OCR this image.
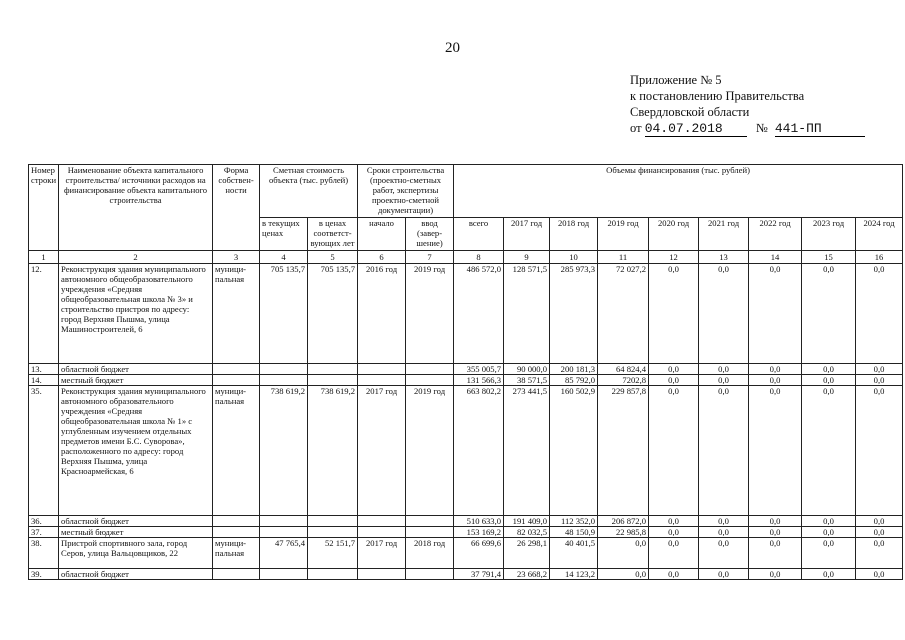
20
Приложение № 5
к постановлению Правительства
Свердловской области
от 04.07.2018	№ 441-ПП
Номер строки	Наименование объекта капитального строительства/ источники расходов на финансирование объекта капитального строительства	Форма собствен- ности	Сметная стоимость объекта (тыс. рублей)		Сроки строительства (проектно-сметных работ, экспертизы проектно-сметной документации)		Объемы финансирования (тыс. рублей)								
			в текущих ценах	в ценах соответст- вующих лет	начало	ввод (завер- шение)	всего	2017 год	2018 год	2019 год	2020 год	2021 год	2022 год	2023 год	2024 год
1	2	3	4	5	6	7	8	9	10	11	12	13	14	15	16
12.	Реконструкция здания муниципального автономного общеобразовательного учреждения «Средняя общеобразовательная школа № 3» и строительство пристроя по адресу: город Верхняя Пышма, улица Машиностроителей, 6	муници- пальная	705 135,7	705 135,7	2016 год	2019 год	486 572,0	128 571,5	285 973,3	72 027,2	0,0	0,0	0,0	0,0	0,0
13.	областной бюджет						355 005,7	90 000,0	200 181,3	64 824,4	0,0	0,0	0,0	0,0	0,0
14.	местный бюджет						131 566,3	38 571,5	85 792,0	7202,8	0,0	0,0	0,0	0,0	0,0
35.	Реконструкция здания муниципального автономного образовательного учреждения «Средняя общеобразовательная школа № 1» с углубленным изучением отдельных предметов имени Б.С. Суворова», расположенного по адресу: город Верхняя Пышма, улица Красноармейская, 6	муници- пальная	738 619,2	738 619,2	2017 год	2019 год	663 802,2	273 441,5	160 502,9	229 857,8	0,0	0,0	0,0	0,0	0,0
36.	областной бюджет						510 633,0	191 409,0	112 352,0	206 872,0	0,0	0,0	0,0	0,0	0,0
37.	местный бюджет						153 169,2	82 032,5	48 150,9	22 985,8	0,0	0,0	0,0	0,0	0,0
38.	Пристрой спортивного зала, город Серов, улица Вальцовщиков, 22	муници- пальная	47 765,4	52 151,7	2017 год	2018 год	66 699,6	26 298,1	40 401,5	0,0	0,0	0,0	0,0	0,0	0,0
39.	областной бюджет						37 791,4	23 668,2	14 123,2	0,0	0,0	0,0	0,0	0,0	0,0
